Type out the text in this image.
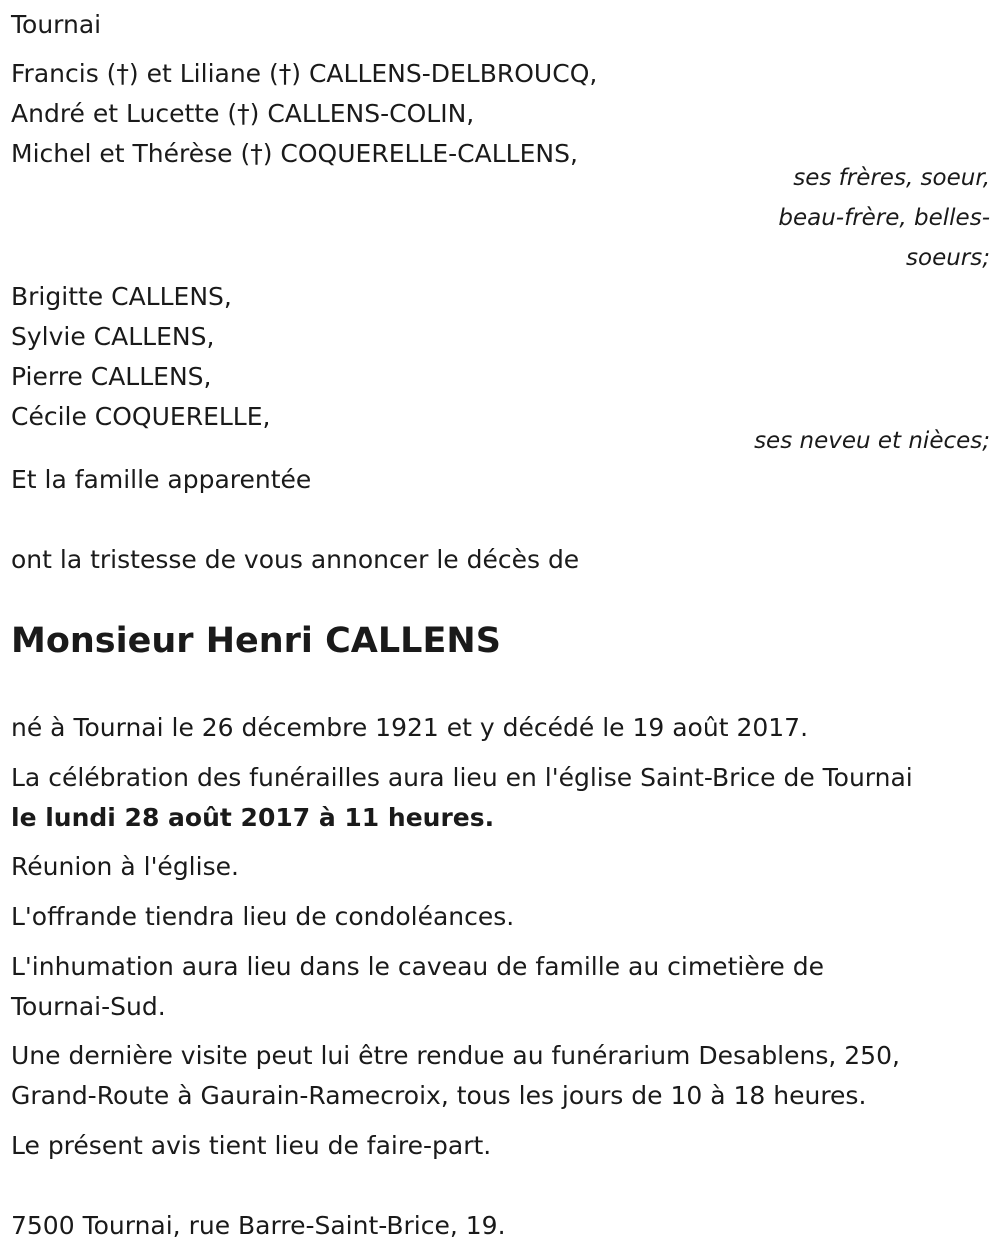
Tournai
Francis (†) et Liliane (†) CALLENS-DELBROUCQ,
André et Lucette (†) CALLENS-COLIN,
Michel et Thérèse (†) COQUERELLE-CALLENS,
ses frères, soeur,
beau-frère, belles-
soeurs;
Brigitte CALLENS,
Sylvie CALLENS,
Pierre CALLENS,
Cécile COQUERELLE,
ses neveu et nièces;
Et la famille apparentée
ont la tristesse de vous annoncer le décès de
Monsieur Henri CALLENS
né à Tournai le 26 décembre 1921 et y décédé le 19 août 2017.
La célébration des funérailles aura lieu en l'église Saint-Brice de Tournai
le lundi 28 août 2017 à 11 heures.
Réunion à l'église.
L'offrande tiendra lieu de condoléances.
L'inhumation aura lieu dans le caveau de famille au cimetière de
Tournai-Sud.
Une dernière visite peut lui être rendue au funérarium Desablens, 250,
Grand-Route à Gaurain-Ramecroix, tous les jours de 10 à 18 heures.
Le présent avis tient lieu de faire-part.
7500 Tournai, rue Barre-Saint-Brice, 19.
